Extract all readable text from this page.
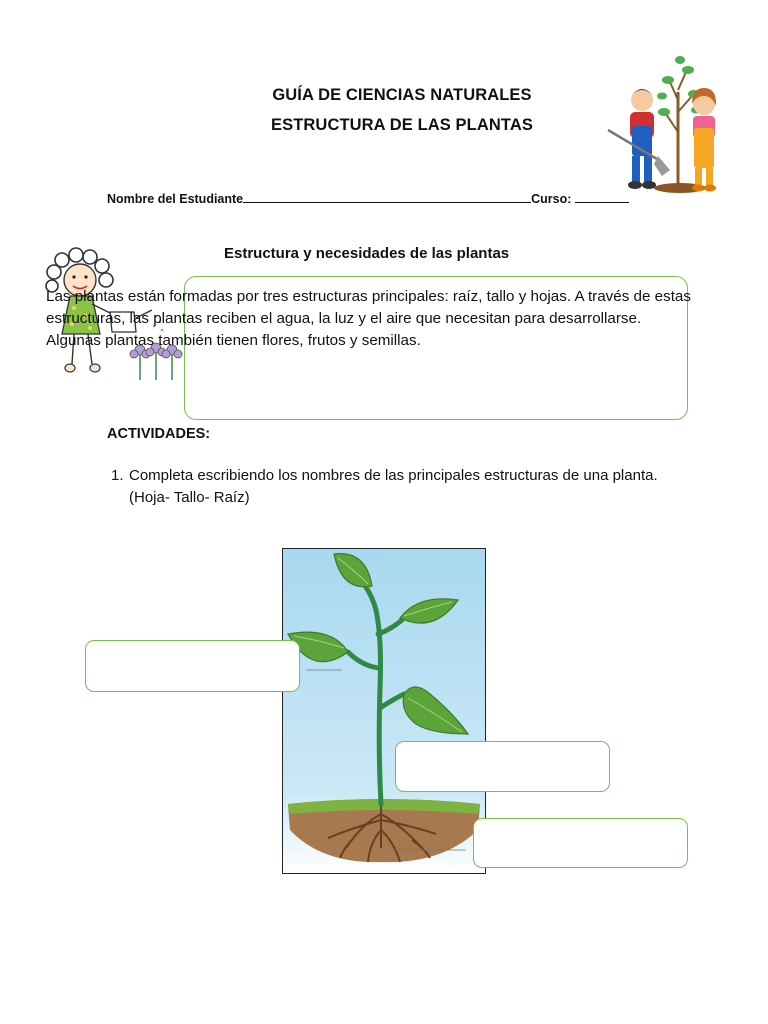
GUÍA DE CIENCIAS NATURALES
ESTRUCTURA DE LAS PLANTAS
Nombre del Estudiante	Curso:
Estructura y necesidades de las plantas
Las plantas están formadas por tres estructuras principales: raíz, tallo y hojas. A través de estas estructuras, las plantas reciben el agua, la luz y el aire que necesitan para desarrollarse. Algunas plantas también tienen flores, frutos y semillas.
ACTIVIDADES:
1. Completa escribiendo los nombres de las principales estructuras de una planta. (Hoja- Tallo- Raíz)
